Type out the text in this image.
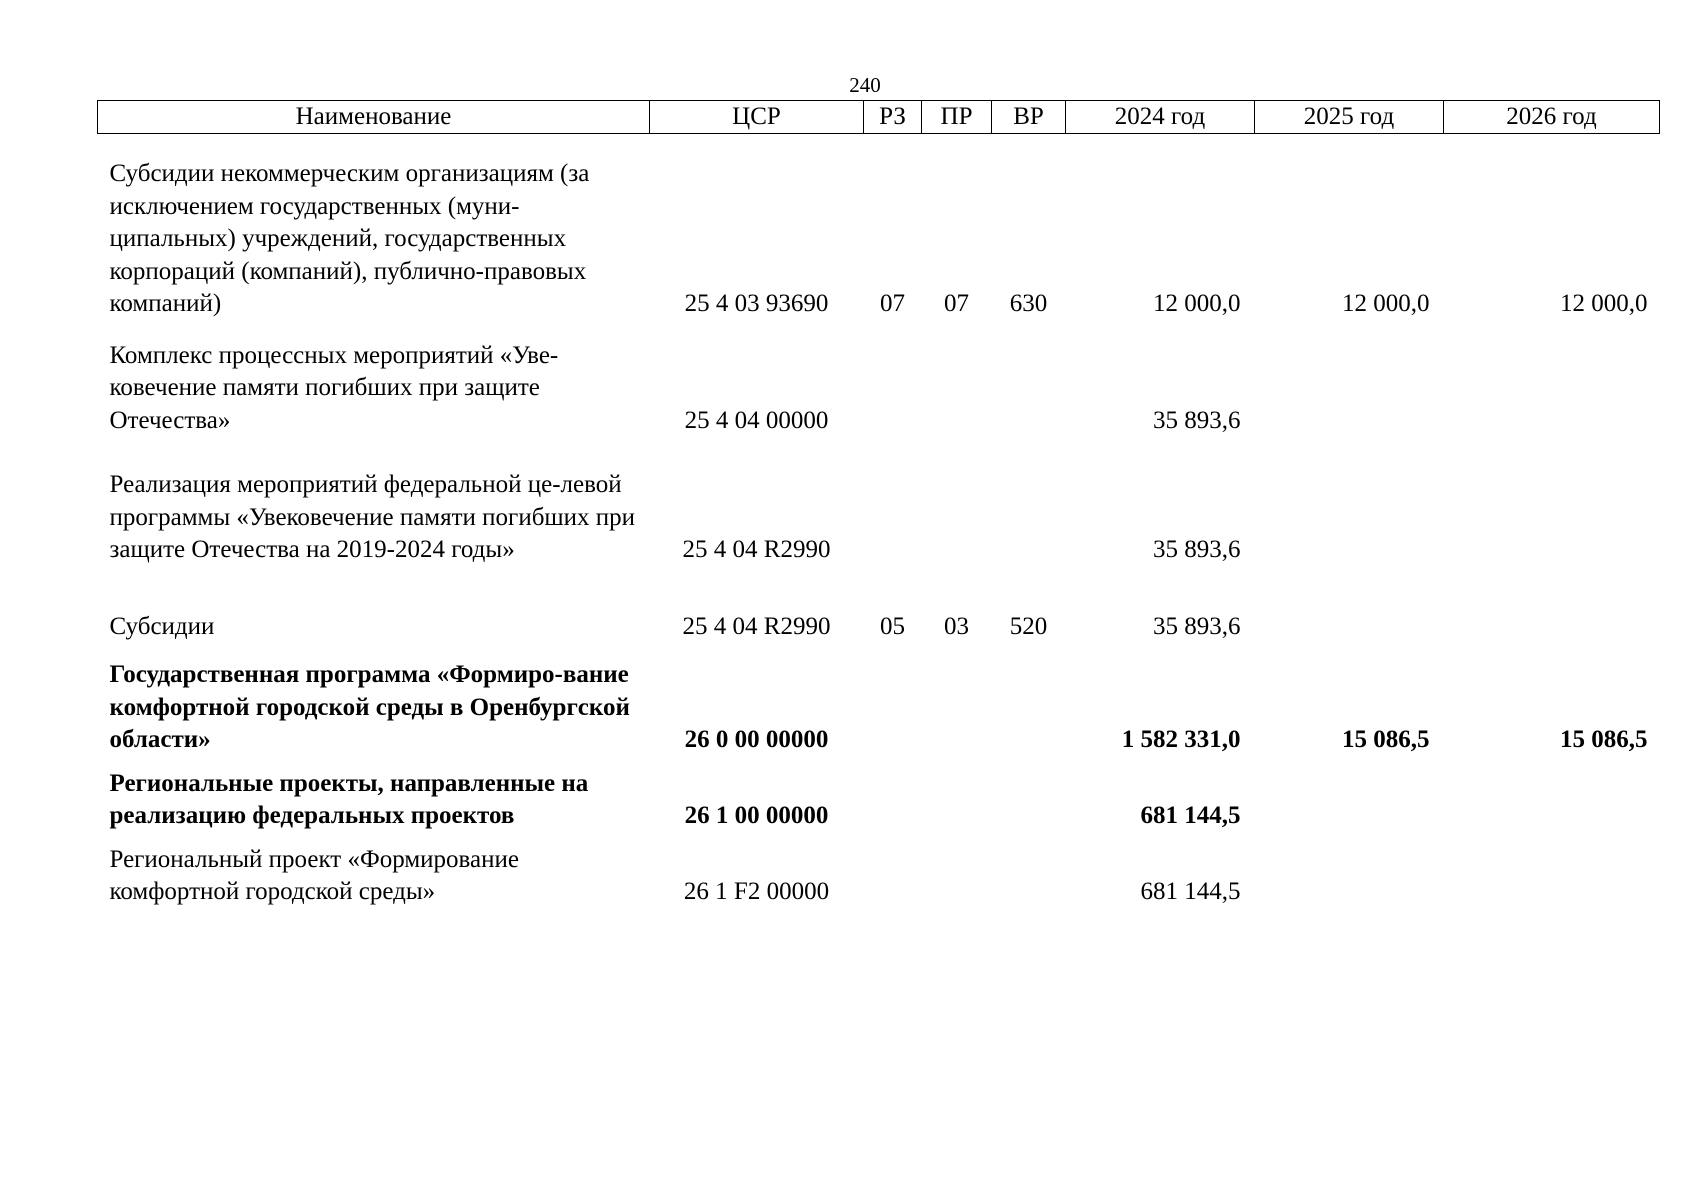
240
Наименование	ЦСР	РЗ	ПР	ВР	2024 год	2025 год	2026 год

Субсидии некоммерческим организациям (за исключением государственных (муни-ципальных) учреждений, государственных корпораций (компаний), публично-правовых компаний)	25 4 03 93690	07	07	630	12 000,0	12 000,0	12 000,0
Комплекс процессных мероприятий «Уве-ковечение памяти погибших при защите Отечества»	25 4 04 00000				35 893,6		
Реализация мероприятий федеральной це-левой программы «Увековечение памяти погибших при защите Отечества на 2019-2024 годы»	25 4 04 R2990				35 893,6		
Субсидии	25 4 04 R2990	05	03	520	35 893,6		
Государственная программа «Формиро-вание комфортной городской среды в Оренбургской области»	26 0 00 00000				1 582 331,0	15 086,5	15 086,5
Региональные проекты, направленные на реализацию федеральных проектов	26 1 00 00000				681 144,5		
Региональный проект «Формирование комфортной городской среды»	26 1 F2 00000				681 144,5		
